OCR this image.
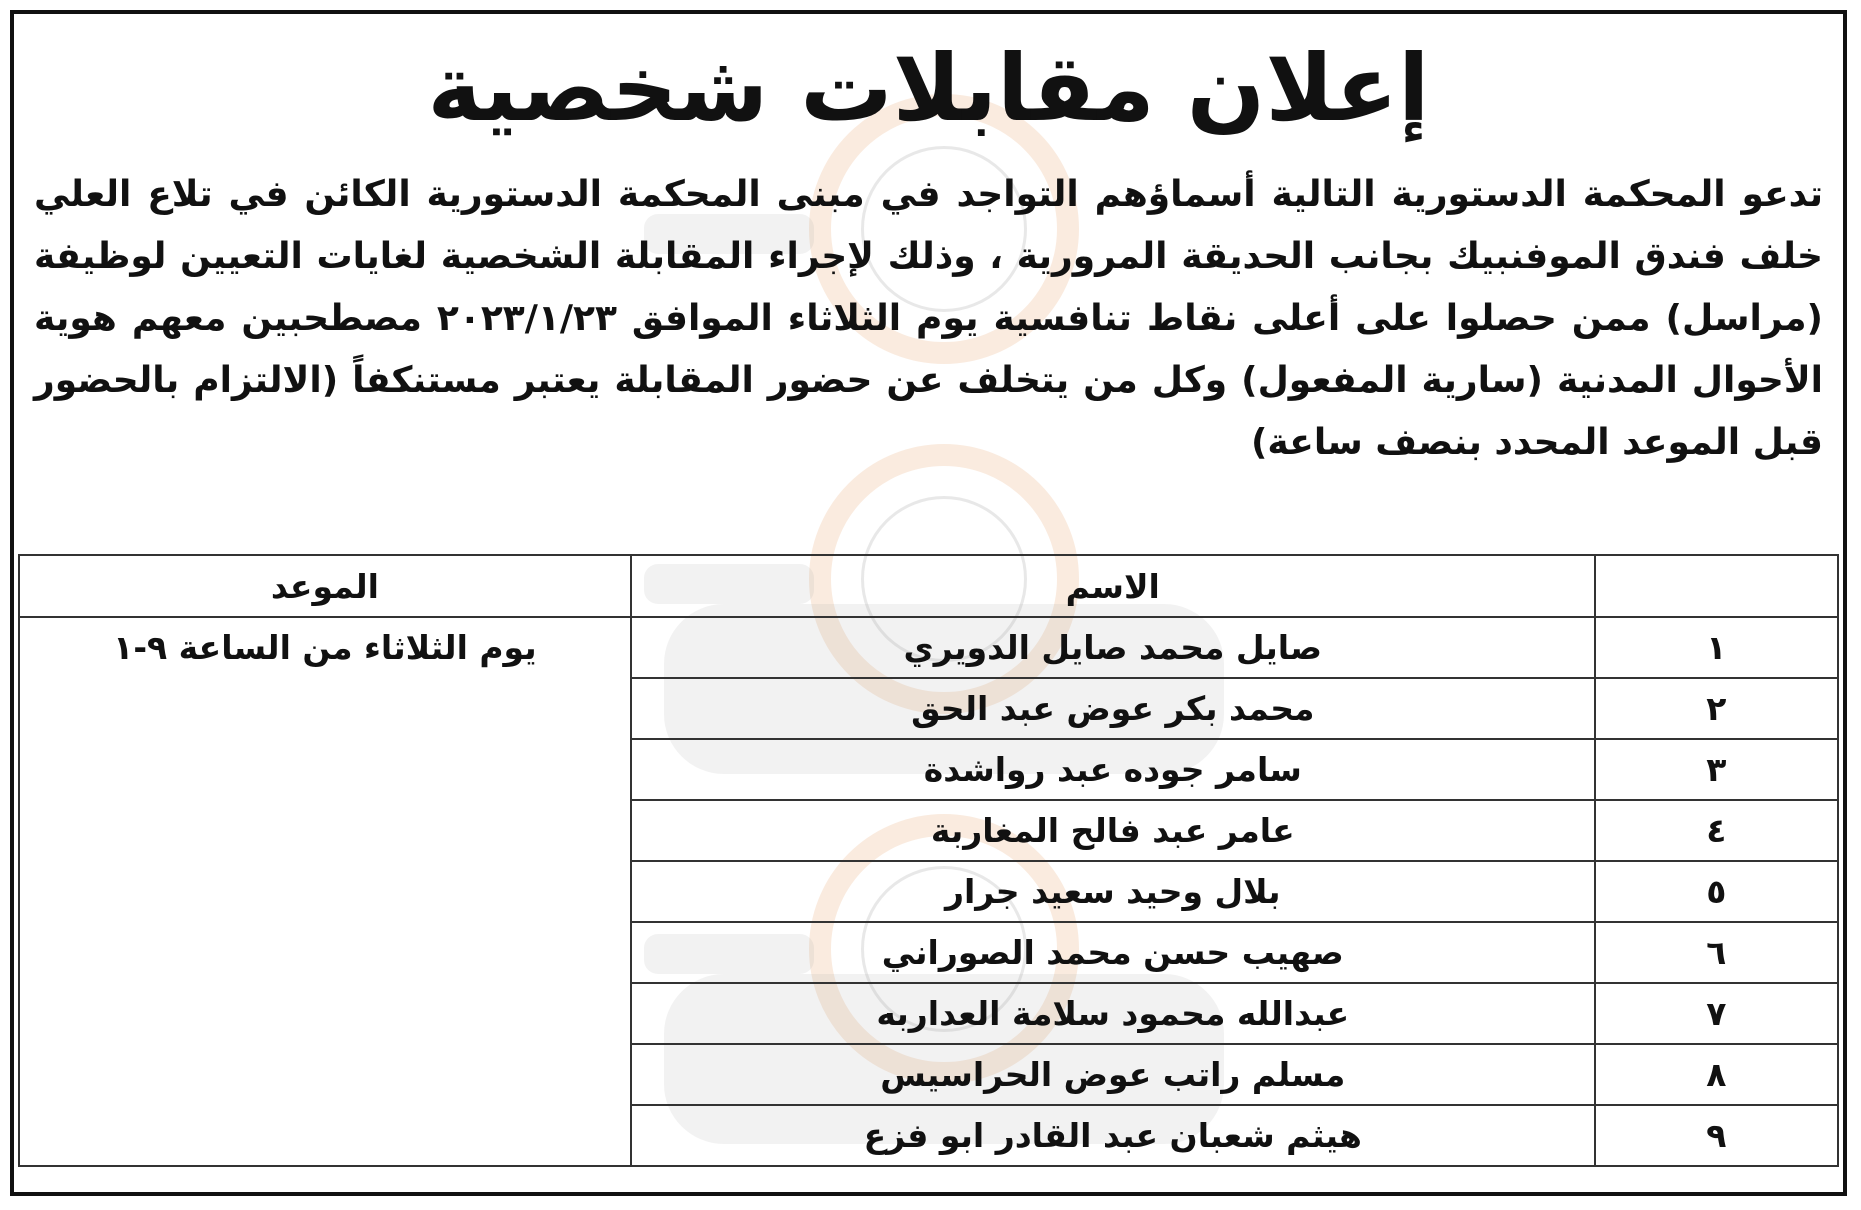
إعلان مقابلات شخصية
تدعو المحكمة الدستورية التالية أسماؤهم التواجد في مبنى المحكمة الدستورية الكائن في تلاع العلي خلف فندق الموفنبيك بجانب الحديقة المرورية ، وذلك لإجراء المقابلة الشخصية لغايات التعيين لوظيفة (مراسل) ممن حصلوا على أعلى نقاط تنافسية يوم الثلاثاء الموافق ٢٠٢٣/١/٢٣ مصطحبين معهم هوية الأحوال المدنية (سارية المفعول) وكل من يتخلف عن حضور المقابلة يعتبر مستنكفاً (الالتزام بالحضور قبل الموعد المحدد بنصف ساعة)
	الاسم	الموعد
١	صايل محمد صايل الدويري	يوم الثلاثاء من الساعة ٩-١
٢	محمد بكر عوض عبد الحق	
٣	سامر جوده عبد رواشدة	
٤	عامر عبد فالح المغاربة	
٥	بلال وحيد سعيد جرار	
٦	صهيب حسن محمد الصوراني	
٧	عبدالله محمود سلامة العداربه	
٨	مسلم راتب عوض الحراسيس	
٩	هيثم شعبان عبد القادر ابو فزع	
